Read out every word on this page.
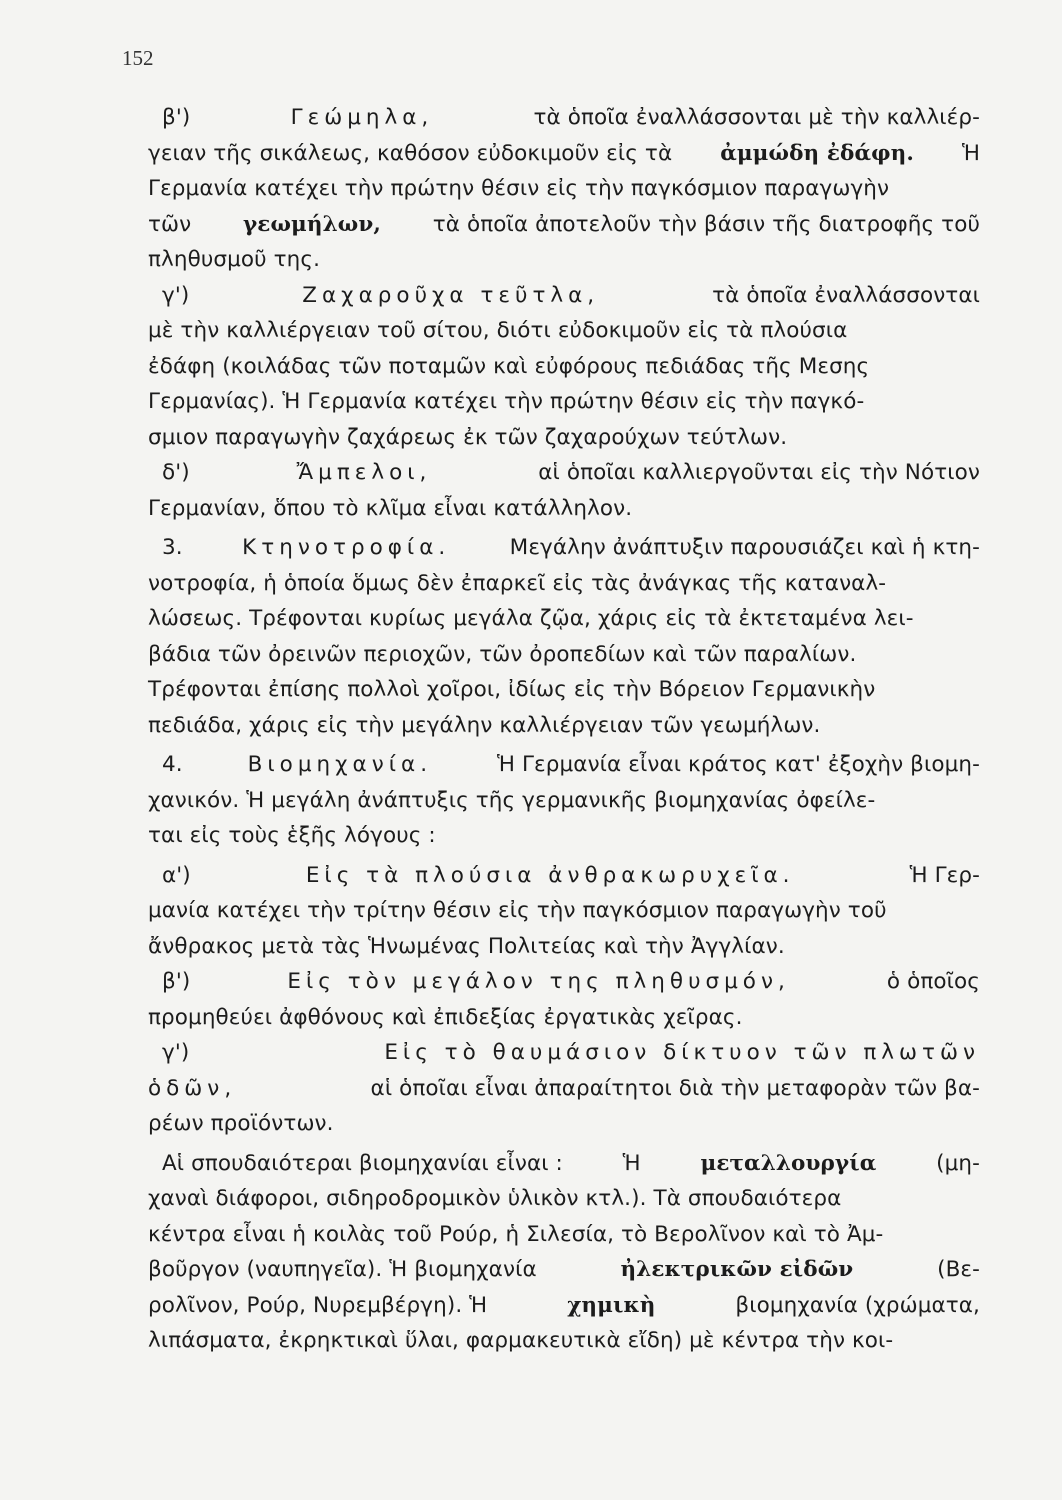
152
β')	Γεώμηλα,	τὰ ὁποῖα ἐναλλάσσονται μὲ τὴν καλλιέρ-
γειαν τῆς σικάλεως, καθόσον εὐδοκιμοῦν εἰς τὰ ἀμμώδη ἐδάφη. Ἡ
Γερμανία κατέχει τὴν πρώτην θέσιν εἰς τὴν παγκόσμιον παραγωγὴν
τῶν γεωμήλων, τὰ ὁποῖα ἀποτελοῦν τὴν βάσιν τῆς διατροφῆς τοῦ
πληθυσμοῦ της.
γ')	Ζαχαροῦχα τεῦτλα,	τὰ ὁποῖα ἐναλλάσσονται
μὲ τὴν καλλιέργειαν τοῦ σίτου, διότι εὐδοκιμοῦν εἰς τὰ πλούσια
ἐδάφη (κοιλάδας τῶν ποταμῶν καὶ εὐφόρους πεδιάδας τῆς Μεσης
Γερμανίας). Ἡ Γερμανία κατέχει τὴν πρώτην θέσιν εἰς τὴν παγκό-
σμιον παραγωγὴν ζαχάρεως ἐκ τῶν ζαχαρούχων τεύτλων.
δ')	Ἄμπελοι,	αἱ ὁποῖαι καλλιεργοῦνται εἰς τὴν Νότιον
Γερμανίαν, ὅπου τὸ κλῖμα εἶναι κατάλληλον.
3.	Κτηνοτροφία.	Μεγάλην ἀνάπτυξιν παρουσιάζει καὶ ἡ κτη-
νοτροφία, ἡ ὁποία ὅμως δὲν ἐπαρκεῖ εἰς τὰς ἀνάγκας τῆς καταναλ-
λώσεως. Τρέφονται κυρίως μεγάλα ζῷα, χάρις εἰς τὰ ἐκτεταμένα λει-
βάδια τῶν ὀρεινῶν περιοχῶν, τῶν ὀροπεδίων καὶ τῶν παραλίων.
Τρέφονται ἐπίσης πολλοὶ χοῖροι, ἰδίως εἰς τὴν Βόρειον Γερμανικὴν
πεδιάδα, χάρις εἰς τὴν μεγάλην καλλιέργειαν τῶν γεωμήλων.
4.	Βιομηχανία.	Ἡ Γερμανία εἶναι κράτος κατ' ἐξοχὴν βιομη-
χανικόν. Ἡ μεγάλη ἀνάπτυξις τῆς γερμανικῆς βιομηχανίας ὀφείλε-
ται εἰς τοὺς ἑξῆς λόγους :
α')	Εἰς τὰ πλούσια ἀνθρακωρυχεῖα.	Ἡ Γερ-
μανία κατέχει τὴν τρίτην θέσιν εἰς τὴν παγκόσμιον παραγωγὴν τοῦ
ἄνθρακος μετὰ τὰς Ἡνωμένας Πολιτείας καὶ τὴν Ἀγγλίαν.
β')	Εἰς τὸν μεγάλον της πληθυσμόν,	ὁ ὁποῖος
προμηθεύει ἀφθόνους καὶ ἐπιδεξίας ἐργατικὰς χεῖρας.
γ')	Εἰς τὸ θαυμάσιον δίκτυον τῶν πλωτῶν
ὁδῶν,	αἱ ὁποῖαι εἶναι ἀπαραίτητοι διὰ τὴν μεταφορὰν τῶν βα-
ρέων προϊόντων.
Αἱ σπουδαιότεραι βιομηχανίαι εἶναι :	Ἡ	μεταλλουργία	(μη-
χαναὶ διάφοροι, σιδηροδρομικὸν ὑλικὸν κτλ.). Τὰ σπουδαιότερα
κέντρα εἶναι ἡ κοιλὰς τοῦ Ρούρ, ἡ Σιλεσία, τὸ Βερολῖνον καὶ τὸ Ἀμ-
βοῦργον (ναυπηγεῖα). Ἡ βιομηχανία	ἠλεκτρικῶν εἰδῶν	(Βε-
ρολῖνον, Ρούρ, Νυρεμβέργη). Ἡ	χημικὴ	βιομηχανία (χρώματα,
λιπάσματα, ἐκρηκτικαὶ ὕλαι, φαρμακευτικὰ εἴδη) μὲ κέντρα τὴν κοι-
